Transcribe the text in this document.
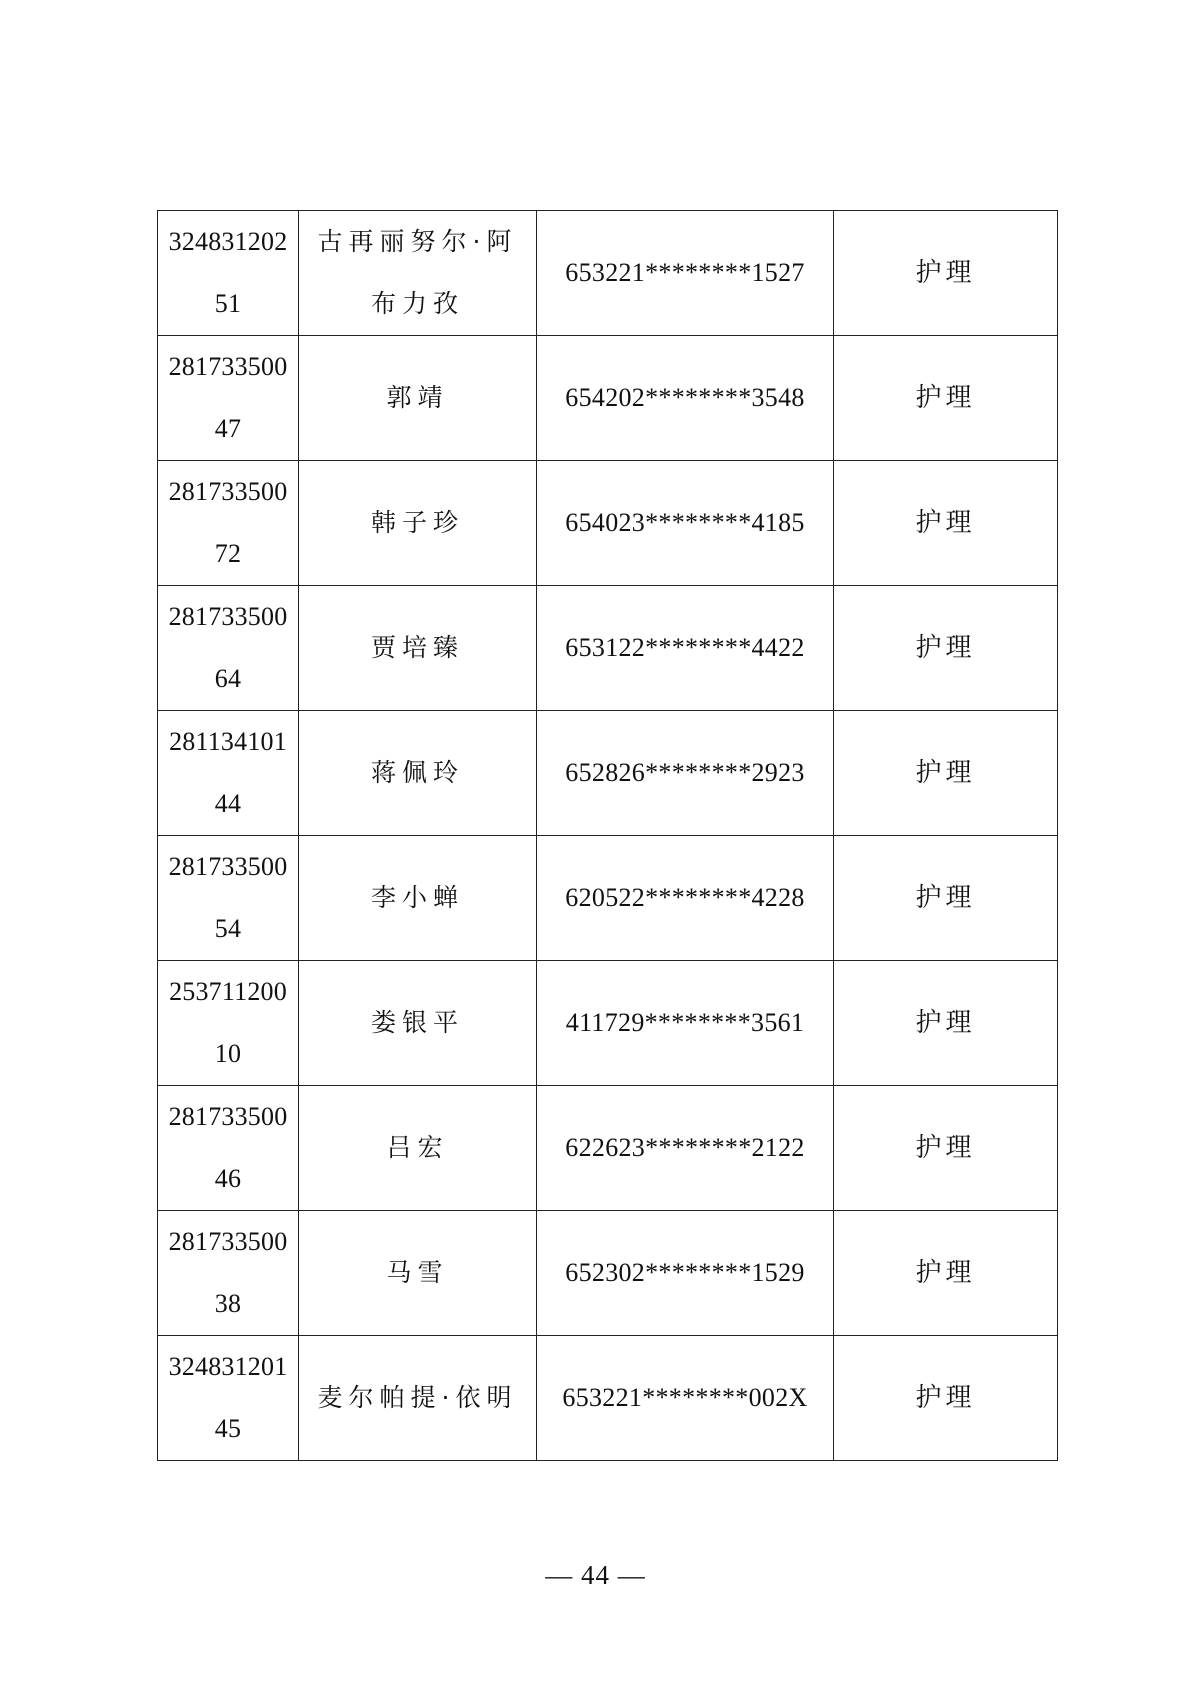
32483120251	古再丽努尔·阿布力孜	653221********1527	护理
28173350047	郭靖	654202********3548	护理
28173350072	韩子珍	654023********4185	护理
28173350064	贾培臻	653122********4422	护理
28113410144	蒋佩玲	652826********2923	护理
28173350054	李小蝉	620522********4228	护理
25371120010	娄银平	411729********3561	护理
28173350046	吕宏	622623********2122	护理
28173350038	马雪	652302********1529	护理
32483120145	麦尔帕提·依明	653221********002X	护理
— 44 —
